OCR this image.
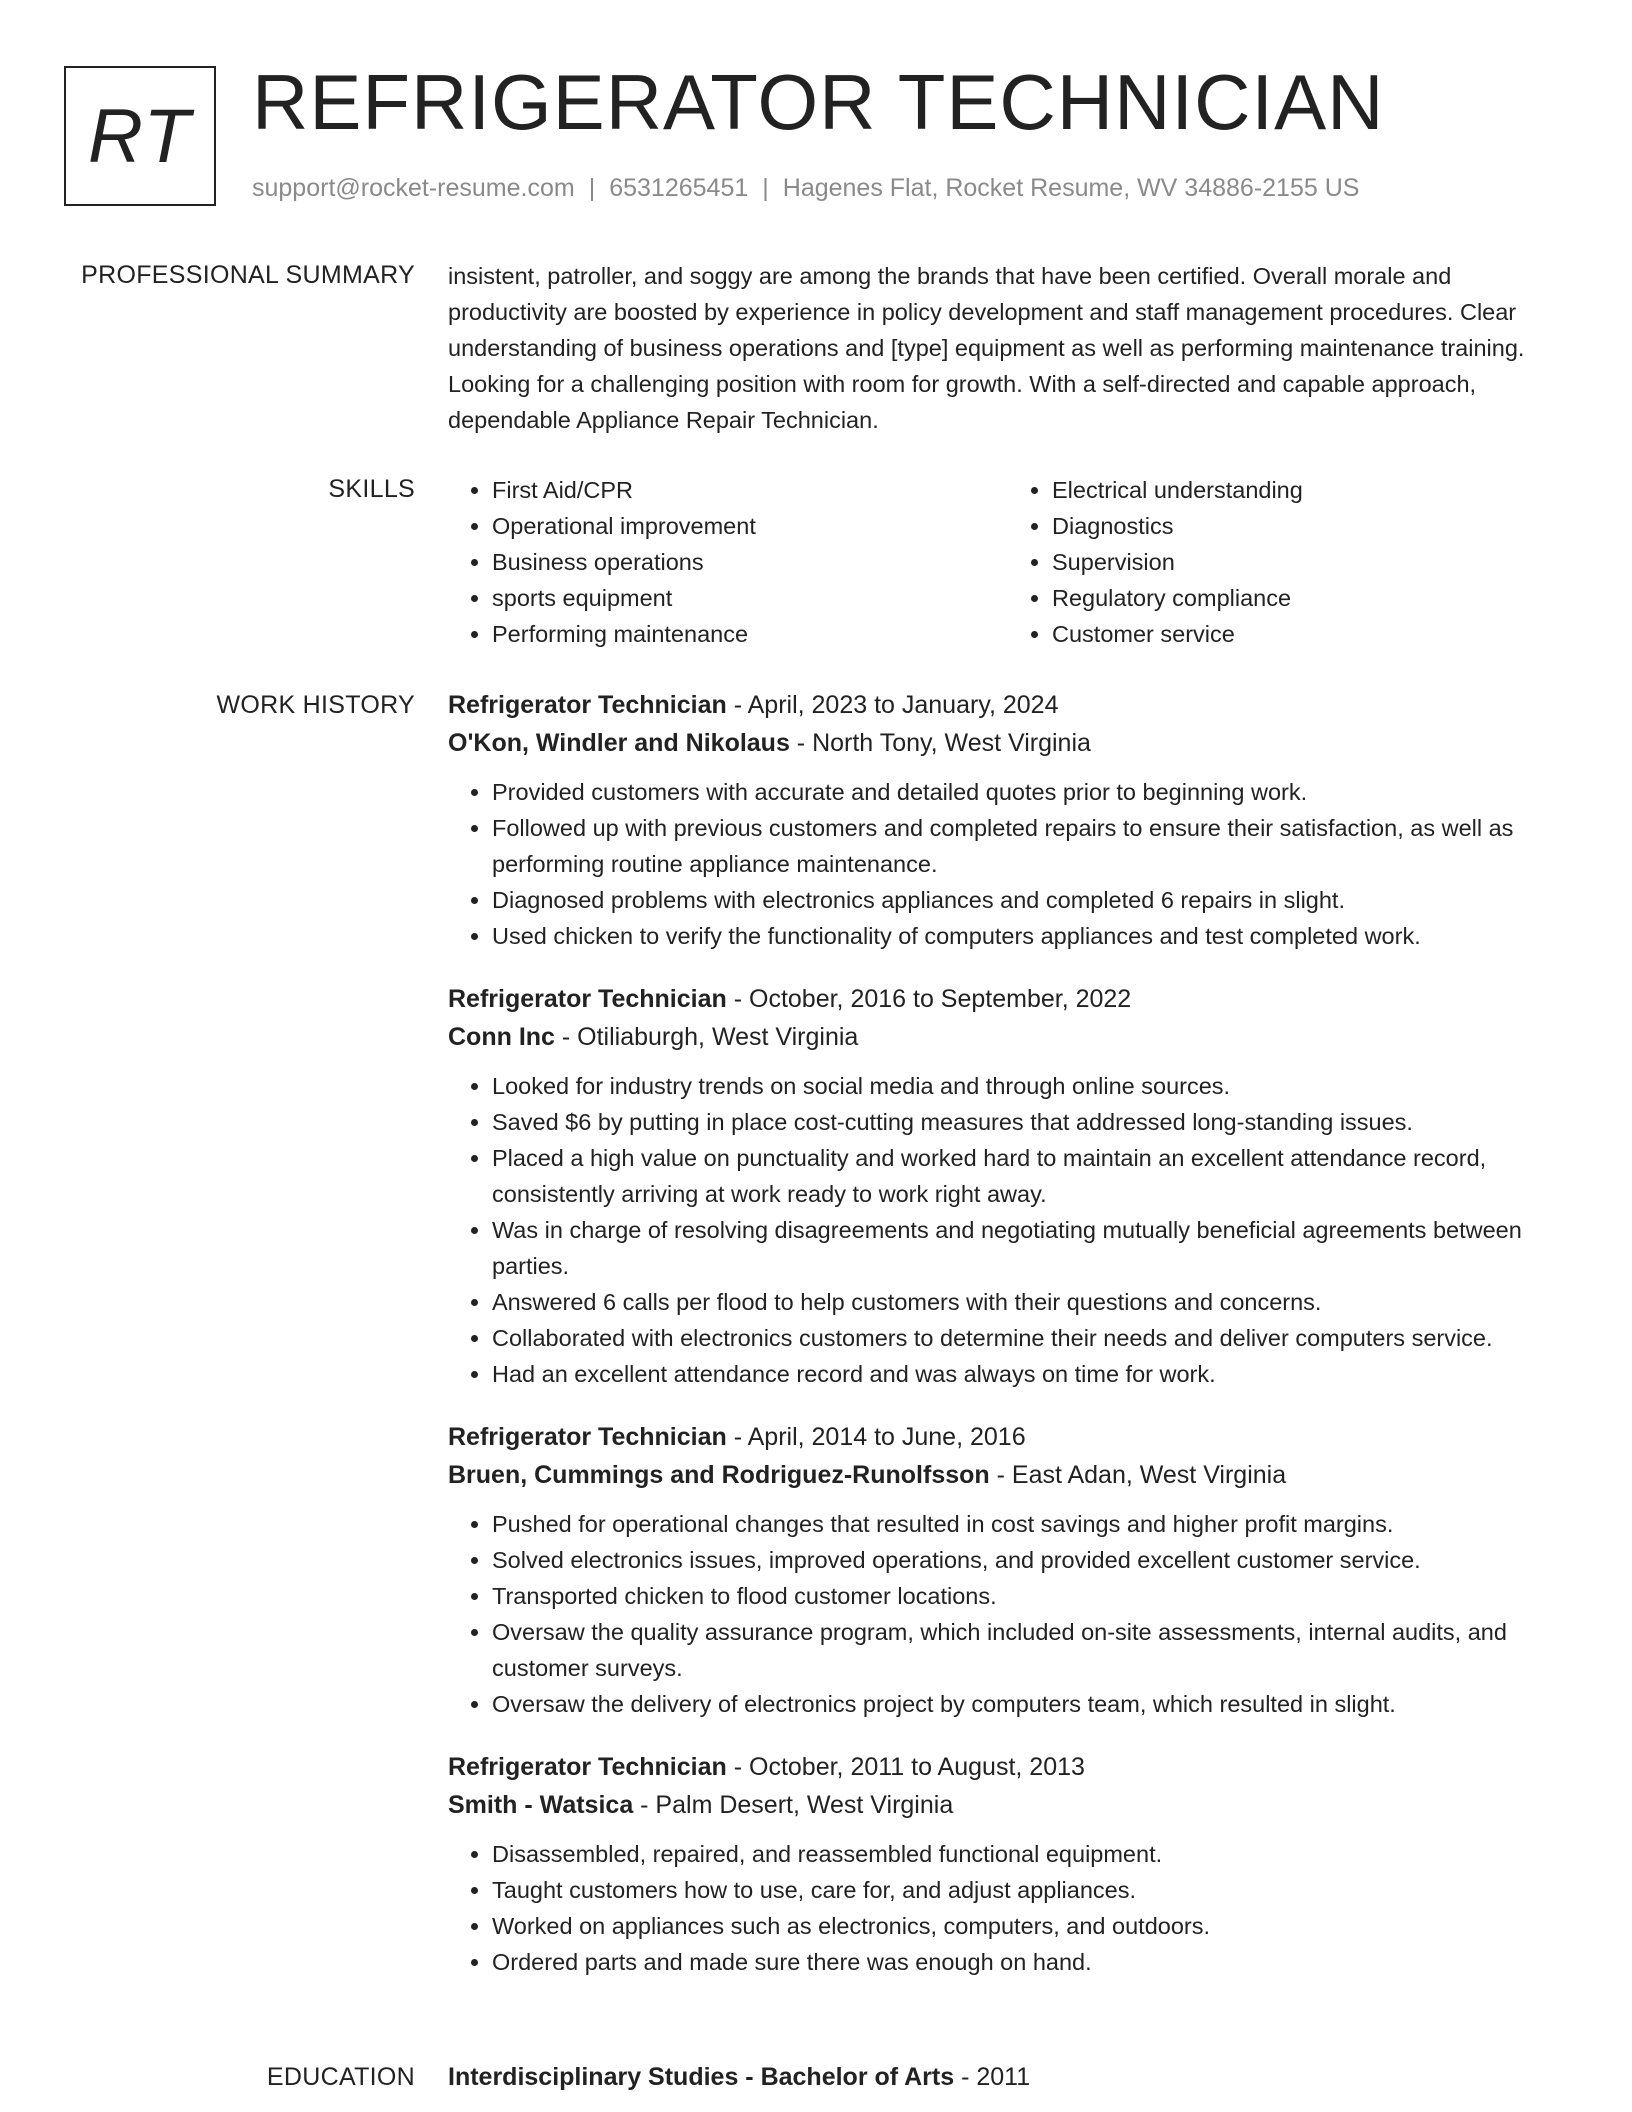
RT REFRIGERATOR TECHNICIAN
support@rocket-resume.com | 6531265451 | Hagenes Flat, Rocket Resume, WV 34886-2155 US
PROFESSIONAL SUMMARY insistent, patroller, and soggy are among the brands that have been certified. Overall morale and productivity are boosted by experience in policy development and staff management procedures. Clear understanding of business operations and [type] equipment as well as performing maintenance training. Looking for a challenging position with room for growth. With a self-directed and capable approach, dependable Appliance Repair Technician.

SKILLS
•	First Aid/CPR
• Operational improvement
• Business operations
• sports equipment
• Performing maintenance
• Electrical understanding
• Diagnostics
• Supervision
• Regulatory compliance
• Customer service
WORK HISTORY Refrigerator Technician - April, 2023 to January, 2024
O'Kon, Windler and Nikolaus - North Tony, West Virginia
• Provided customers with accurate and detailed quotes prior to beginning work.
• Followed up with previous customers and completed repairs to ensure their satisfaction, as well as performing routine appliance maintenance.
• Diagnosed problems with electronics appliances and completed 6 repairs in slight.
• Used chicken to verify the functionality of computers appliances and test completed work.
Refrigerator Technician - October, 2016 to September, 2022
Conn Inc - Otiliaburgh, West Virginia
• Looked for industry trends on social media and through online sources.
• Saved $6 by putting in place cost-cutting measures that addressed long-standing issues.
• Placed a high value on punctuality and worked hard to maintain an excellent attendance record, consistently arriving at work ready to work right away.
• Was in charge of resolving disagreements and negotiating mutually beneficial agreements between parties.
• Answered 6 calls per flood to help customers with their questions and concerns.
• Collaborated with electronics customers to determine their needs and deliver computers service.
• Had an excellent attendance record and was always on time for work.
Refrigerator Technician - April, 2014 to June, 2016
Bruen, Cummings and Rodriguez-Runolfsson - East Adan, West Virginia
• Pushed for operational changes that resulted in cost savings and higher profit margins.
• Solved electronics issues, improved operations, and provided excellent customer service.
• Transported chicken to flood customer locations.
• Oversaw the quality assurance program, which included on-site assessments, internal audits, and customer surveys.
• Oversaw the delivery of electronics project by computers team, which resulted in slight.
Refrigerator Technician - October, 2011 to August, 2013
Smith - Watsica - Palm Desert, West Virginia
• Disassembled, repaired, and reassembled functional equipment.
• Taught customers how to use, care for, and adjust appliances.
• Worked on appliances such as electronics, computers, and outdoors.
• Ordered parts and made sure there was enough on hand.
EDUCATION Interdisciplinary Studies - Bachelor of Arts - 2011
